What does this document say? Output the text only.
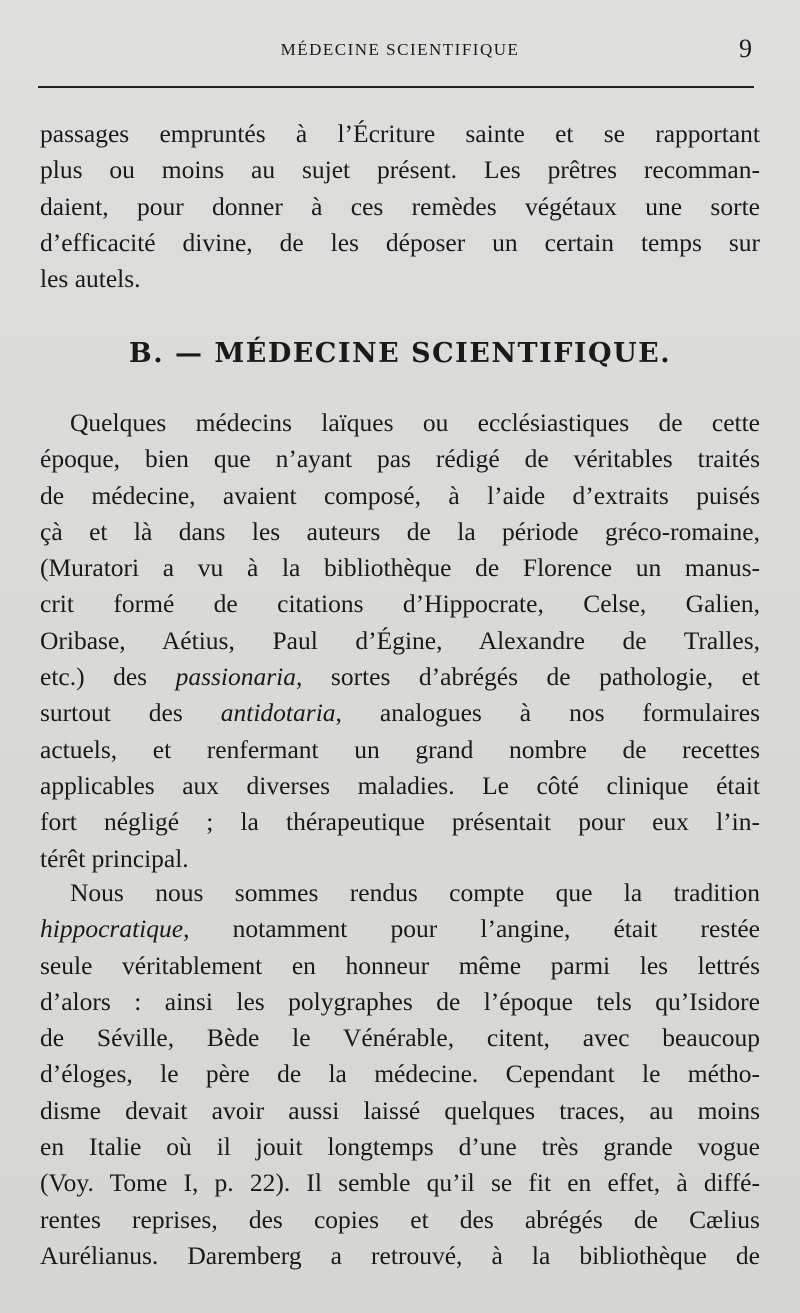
MÉDECINE SCIENTIFIQUE	9
passages empruntés à l’Écriture sainte et se rapportant
plus ou moins au sujet présent. Les prêtres recomman-
daient, pour donner à ces remèdes végétaux une sorte
d’efficacité divine, de les déposer un certain temps sur
les autels.
B. — MÉDECINE SCIENTIFIQUE.
Quelques médecins laïques ou ecclésiastiques de cette
époque, bien que n’ayant pas rédigé de véritables traités
de médecine, avaient composé, à l’aide d’extraits puisés
çà et là dans les auteurs de la période gréco-romaine,
(Muratori a vu à la bibliothèque de Florence un manus-
crit formé de citations d’Hippocrate, Celse, Galien,
Oribase, Aétius, Paul d’Égine, Alexandre de Tralles,
etc.) des passionaria, sortes d’abrégés de pathologie, et
surtout des antidotaria, analogues à nos formulaires
actuels, et renfermant un grand nombre de recettes
applicables aux diverses maladies. Le côté clinique était
fort négligé ; la thérapeutique présentait pour eux l’in-
térêt principal.
Nous nous sommes rendus compte que la tradition
hippocratique, notamment pour l’angine, était restée
seule véritablement en honneur même parmi les lettrés
d’alors : ainsi les polygraphes de l’époque tels qu’Isidore
de Séville, Bède le Vénérable, citent, avec beaucoup
d’éloges, le père de la médecine. Cependant le métho-
disme devait avoir aussi laissé quelques traces, au moins
en Italie où il jouit longtemps d’une très grande vogue
(Voy. Tome I, p. 22). Il semble qu’il se fit en effet, à diffé-
rentes reprises, des copies et des abrégés de Cælius
Aurélianus. Daremberg a retrouvé, à la bibliothèque de
